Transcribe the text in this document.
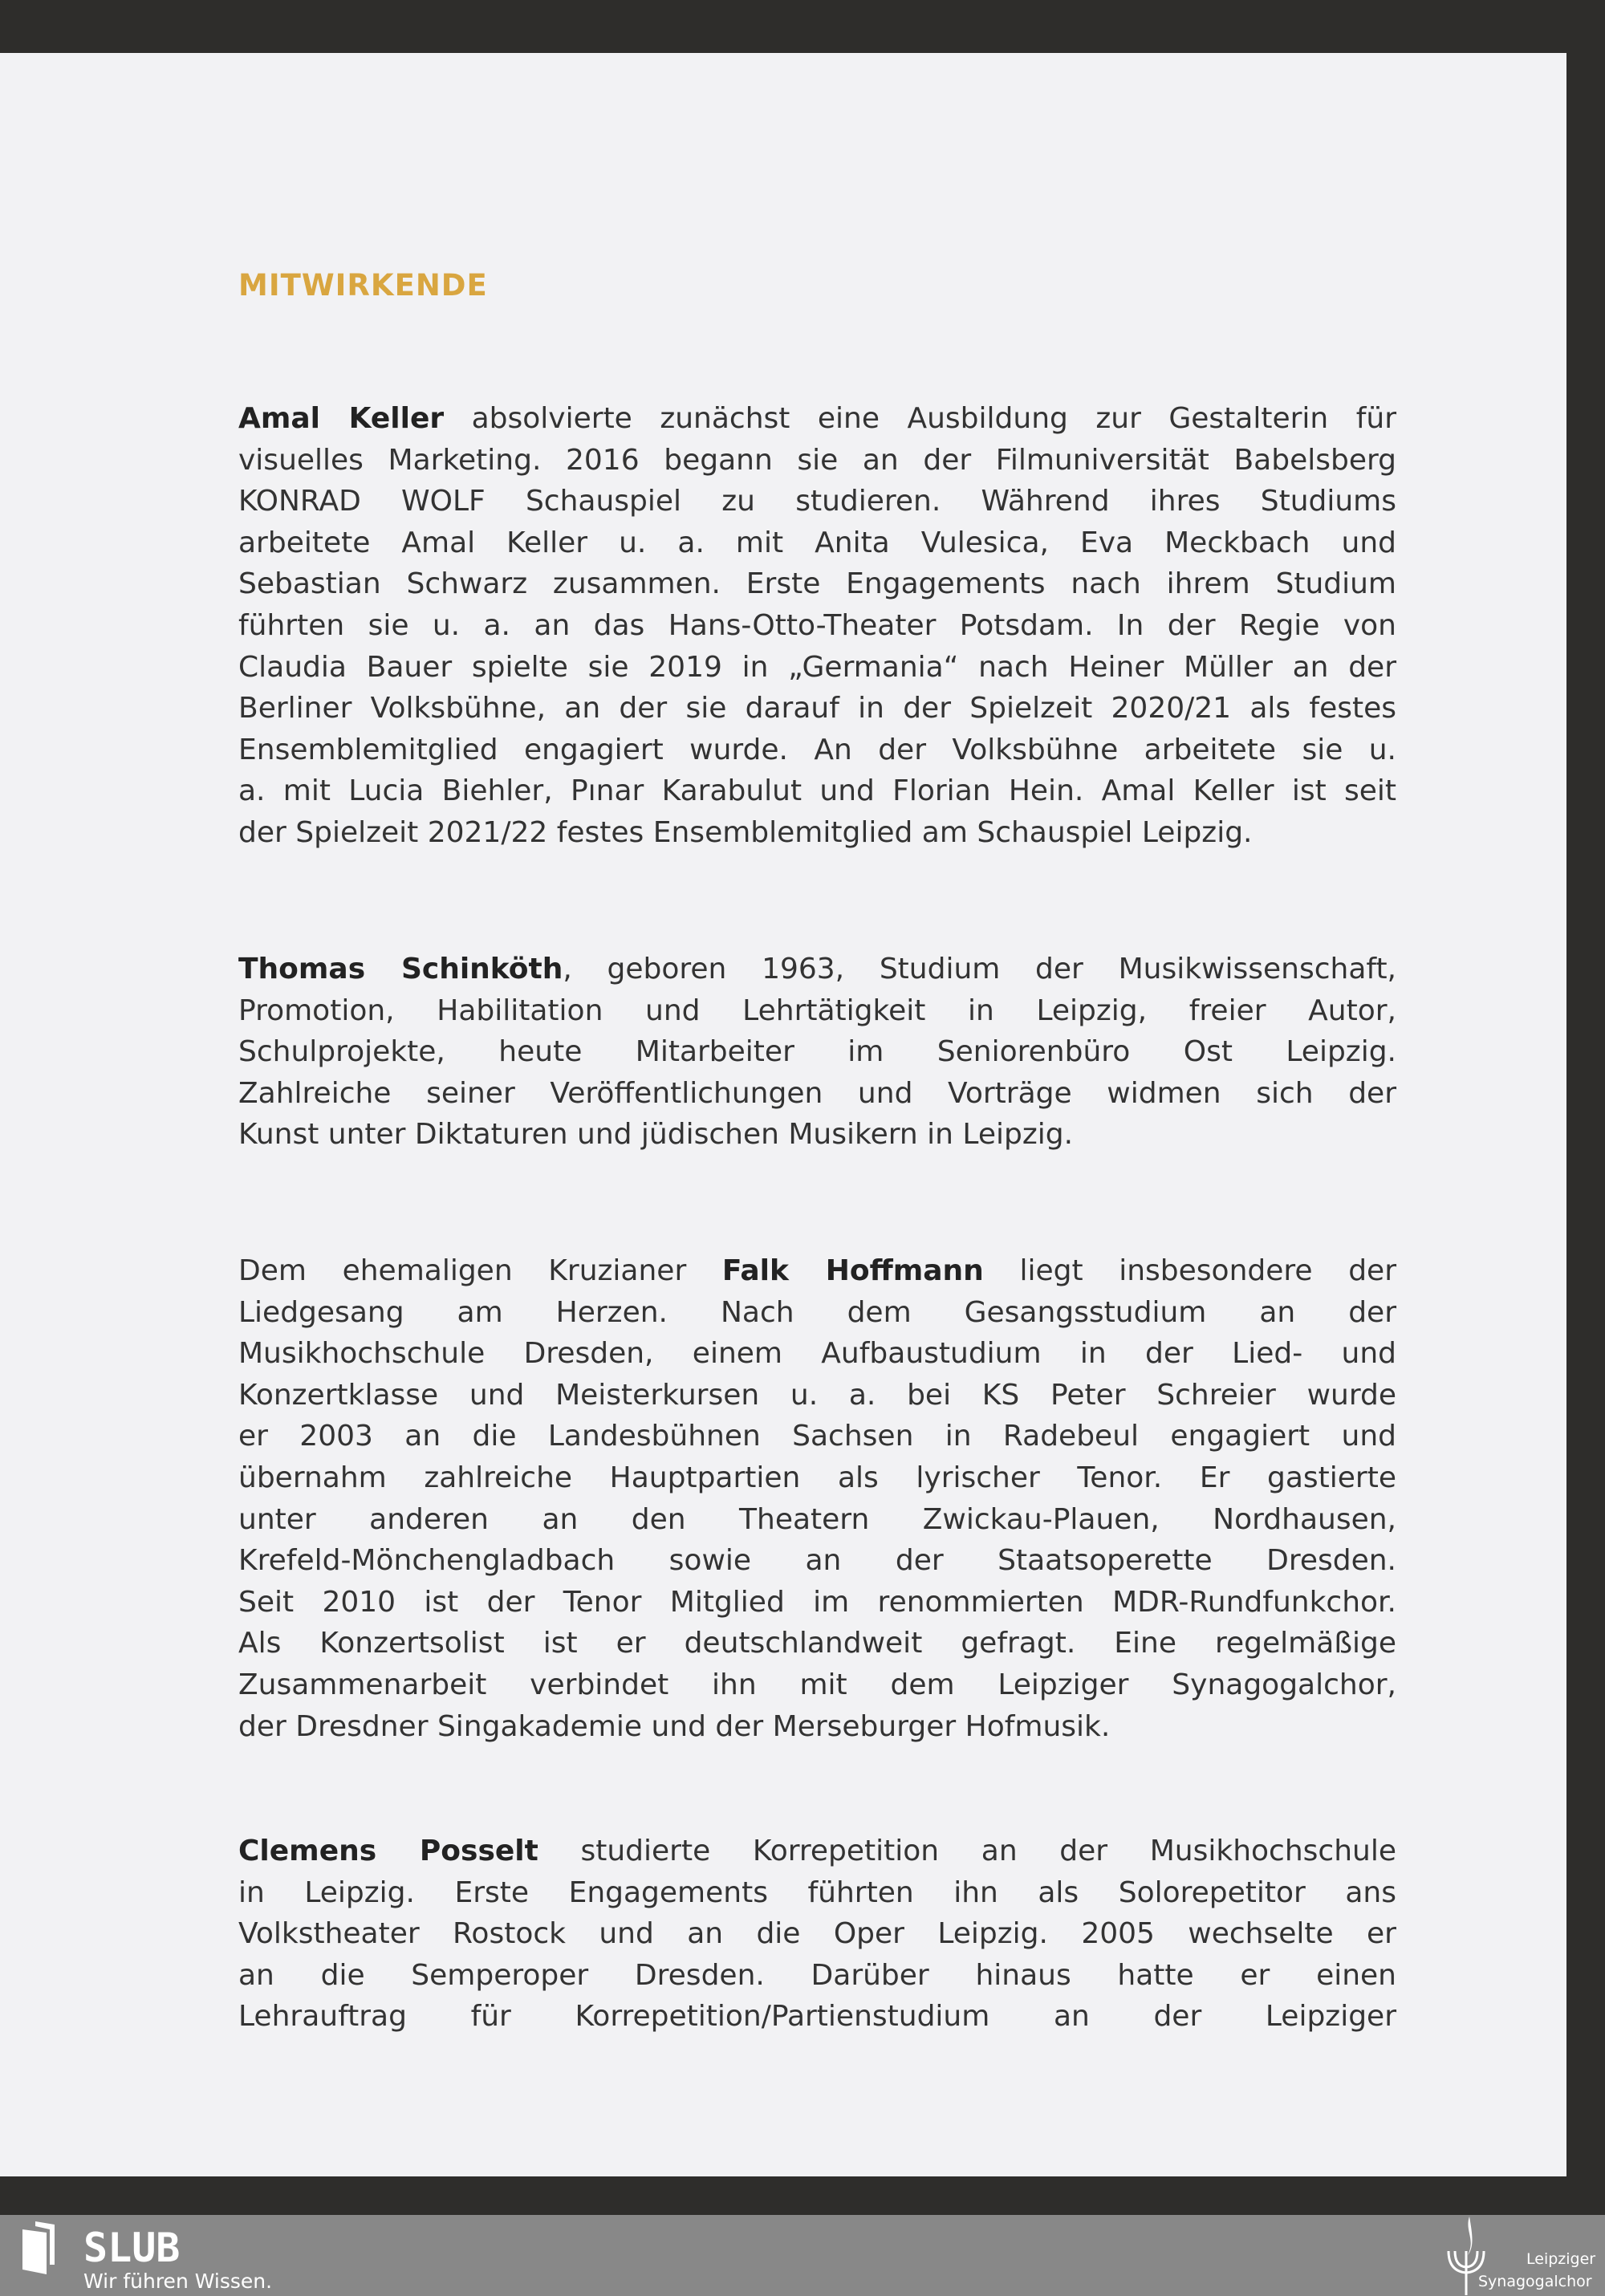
MITWIRKENDE
Amal Keller absolvierte zunächst eine Ausbildung zur Gestalterin für
visuelles Marketing. 2016 begann sie an der Filmuniversität Babelsberg
KONRAD WOLF Schauspiel zu studieren. Während ihres Studiums
arbeitete Amal Keller u. a. mit Anita Vulesica, Eva Meckbach und
Sebastian Schwarz zusammen. Erste Engagements nach ihrem Studium
führten sie u. a. an das Hans-Otto-Theater Potsdam. In der Regie von
Claudia Bauer spielte sie 2019 in „Germania“ nach Heiner Müller an der
Berliner Volksbühne, an der sie darauf in der Spielzeit 2020/21 als festes
Ensemblemitglied engagiert wurde. An der Volksbühne arbeitete sie u.
a. mit Lucia Biehler, Pınar Karabulut und Florian Hein. Amal Keller ist seit
der Spielzeit 2021/22 festes Ensemblemitglied am Schauspiel Leipzig.
Thomas Schinköth, geboren 1963, Studium der Musikwissenschaft,
Promotion, Habilitation und Lehrtätigkeit in Leipzig, freier Autor,
Schulprojekte, heute Mitarbeiter im Seniorenbüro Ost Leipzig.
Zahlreiche seiner Veröffentlichungen und Vorträge widmen sich der
Kunst unter Diktaturen und jüdischen Musikern in Leipzig.
Dem ehemaligen Kruzianer Falk Hoffmann liegt insbesondere der
Liedgesang am Herzen. Nach dem Gesangsstudium an der
Musikhochschule Dresden, einem Aufbaustudium in der Lied- und
Konzertklasse und Meisterkursen u. a. bei KS Peter Schreier wurde
er 2003 an die Landesbühnen Sachsen in Radebeul engagiert und
übernahm zahlreiche Hauptpartien als lyrischer Tenor. Er gastierte
unter anderen an den Theatern Zwickau-Plauen, Nordhausen,
Krefeld-Mönchengladbach sowie an der Staatsoperette Dresden.
Seit 2010 ist der Tenor Mitglied im renommierten MDR-Rundfunkchor.
Als Konzertsolist ist er deutschlandweit gefragt. Eine regelmäßige
Zusammenarbeit verbindet ihn mit dem Leipziger Synagogalchor,
der Dresdner Singakademie und der Merseburger Hofmusik.
Clemens Posselt studierte Korrepetition an der Musikhochschule
in Leipzig. Erste Engagements führten ihn als Solorepetitor ans
Volkstheater Rostock und an die Oper Leipzig. 2005 wechselte er
an die Semperoper Dresden. Darüber hinaus hatte er einen
Lehrauftrag für Korrepetition/Partienstudium an der Leipziger
SLUB
Wir führen Wissen.
Leipziger
Synagogalchor
